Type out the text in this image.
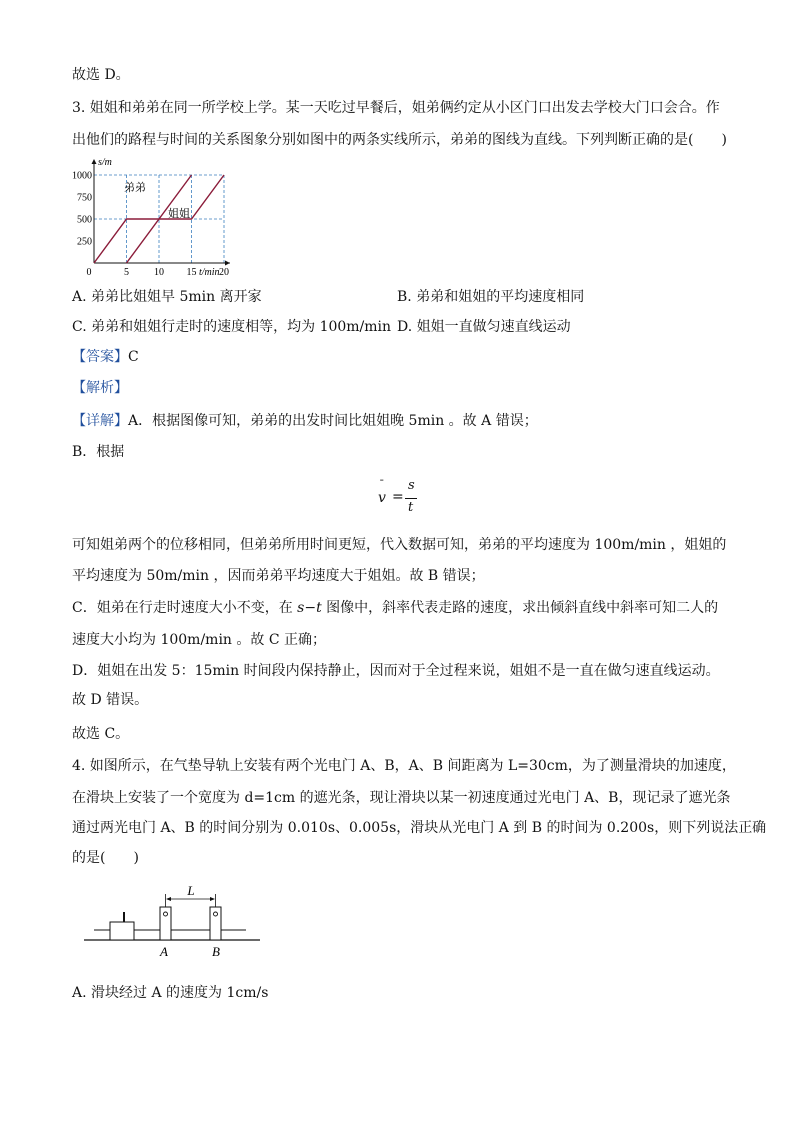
故选 D。
3. 姐姐和弟弟在同一所学校上学。某一天吃过早餐后，姐弟俩约定从小区门口出发去学校大门口会合。作
出他们的路程与时间的关系图象分别如图中的两条实线所示，弟弟的图线为直线。下列判断正确的是(　　)
0	5	10 15 20
250
500
750
1000
t/min
s/m
弟弟
姐姐
A. 弟弟比姐姐早 5min 离开家	B. 弟弟和姐姐的平均速度相同
C. 弟弟和姐姐行走时的速度相等，均为 100m/min D. 姐姐一直做匀速直线运动
【答案】C
【解析】
【详解】A．根据图像可知，弟弟的出发时间比姐姐晚 5min 。故 A 错误；
B．根据
v
¯
=
s
t
可知姐弟两个的位移相同，但弟弟所用时间更短，代入数据可知，弟弟的平均速度为 100m/min ，姐姐的
平均速度为 50m/min ，因而弟弟平均速度大于姐姐。故 B 错误；
C．姐弟在行走时速度大小不变，在 s−t 图像中，斜率代表走路的速度，求出倾斜直线中斜率可知二人的
速度大小均为 100m/min 。故 C 正确；
D．姐姐在出发 5：15min 时间段内保持静止，因而对于全过程来说，姐姐不是一直在做匀速直线运动。
故 D 错误。
故选 C。
4. 如图所示，在气垫导轨上安装有两个光电门 A、B，A、B 间距离为 L=30cm，为了测量滑块的加速度，
在滑块上安装了一个宽度为 d=1cm 的遮光条，现让滑块以某一初速度通过光电门 A、B，现记录了遮光条
通过两光电门 A、B 的时间分别为 0.010s、0.005s，滑块从光电门 A 到 B 的时间为 0.200s，则下列说法正确
的是(　　)
L
A	B
A. 滑块经过 A 的速度为 1cm/s
